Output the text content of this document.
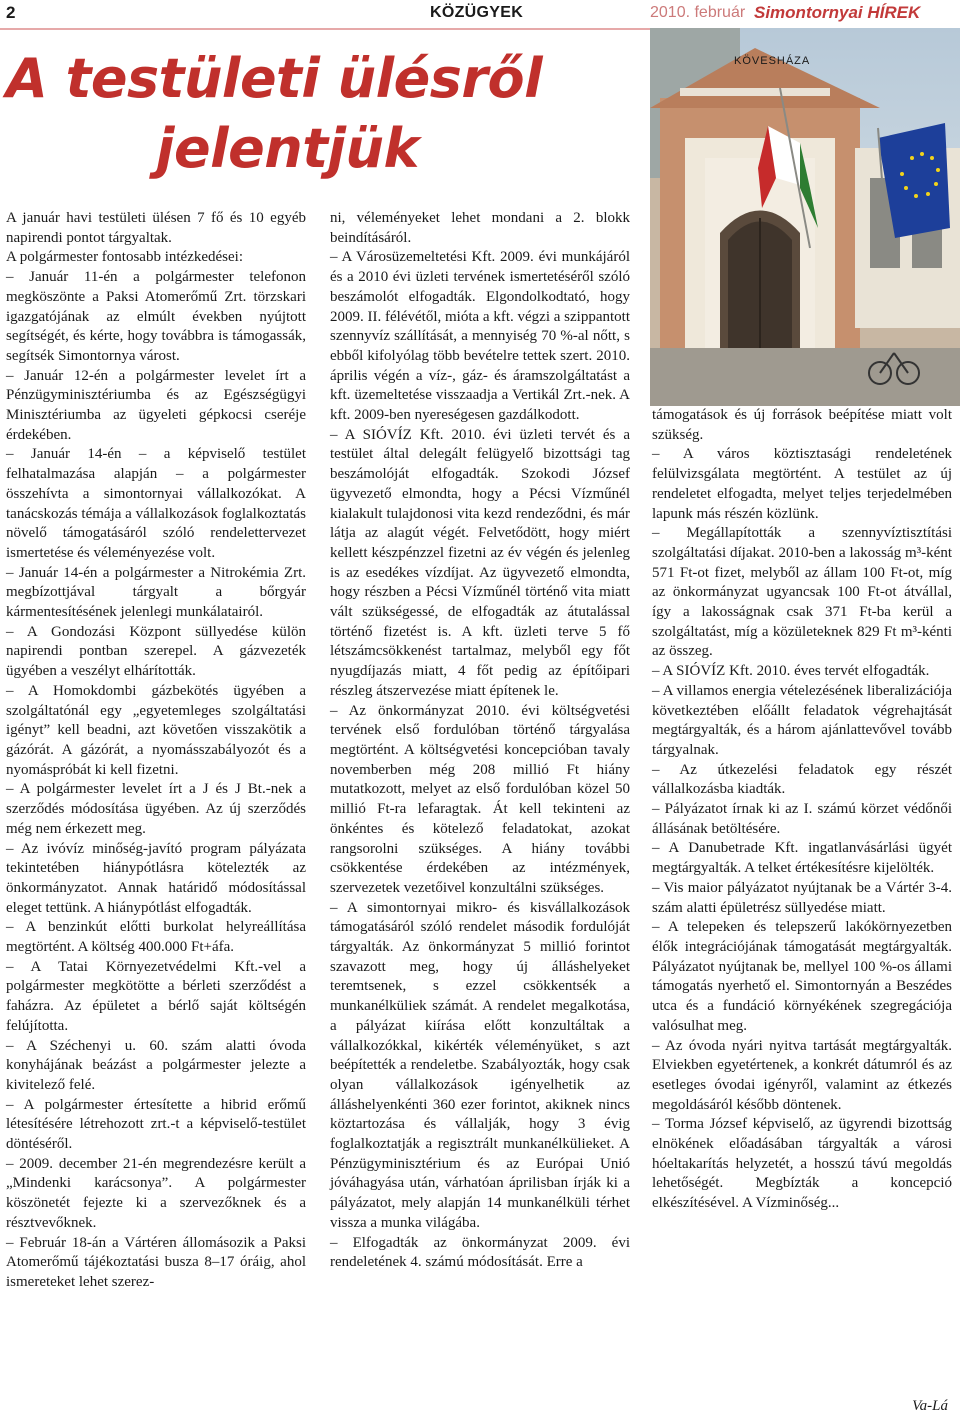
2	KÖZÜGYEK	2010. február Simontornyai HÍREK
A testületi ülésről
jelentjük
KÖVESHÁZA

A január havi testületi ülésen 7 fő és 10 egyéb napirendi pontot tárgyaltak.

A polgármester fontosabb intézkedései:

– Január 11-én a polgármester telefonon megköszönte a Paksi Atomerőmű Zrt. törzskari igazgatójának az elmúlt években nyújtott segítségét, és kérte, hogy továbbra is támogassák, segítsék Simontornya várost.

– Január 12-én a polgármester levelet írt a Pénzügyminisztériumba és az Egészségügyi Minisztériumba az ügyeleti gépkocsi cseréje érdekében.

– Január 14-én – a képviselő testület felhatalmazása alapján – a polgármester összehívta a simontornyai vállalkozókat. A tanácskozás témája a vállalkozások foglalkoztatás növelő támogatásáról szóló rendelettervezet ismertetése és véleményezése volt.

– Január 14-én a polgármester a Nitrokémia Zrt. megbízottjával tárgyalt a bőrgyár kármentesítésének jelenlegi munkálatairól.

– A Gondozási Központ süllyedése külön napirendi pontban szerepel. A gázvezeték ügyében a veszélyt elhárították.

– A Homokdombi gázbekötés ügyében a szolgáltatónál egy „egyetemleges szolgáltatási igényt” kell beadni, azt követően visszakötik a gázórát. A gázórát, a nyomásszabályozót és a nyomáspróbát ki kell fizetni.

– A polgármester levelet írt a J és J Bt.-nek a szerződés módosítása ügyében. Az új szerződés még nem érkezett meg.

– Az ivóvíz minőség-javító program pályázata tekintetében hiánypótlásra kötelezték az önkormányzatot. Annak határidő módosítással eleget tettünk. A hiánypótlást elfogadták.

– A benzinkút előtti burkolat helyreállítása megtörtént. A költség 400.000 Ft+áfa.

– A Tatai Környezetvédelmi Kft.-vel a polgármester megkötötte a bérleti szerződést a faházra. Az épületet a bérlő saját költségén felújította.

– A Széchenyi u. 60. szám alatti óvoda konyhájának beázást a polgármester jelezte a kivitelező felé.

– A polgármester értesítette a hibrid erőmű létesítésére létrehozott zrt.-t a képviselő-testület döntéséről.

– 2009. december 21-én megrendezésre került a „Mindenki karácsonya”. A polgármester köszönetét fejezte ki a szervezőknek és a résztvevőknek.

– Február 18-án a Vártéren állomásozik a Paksi Atomerőmű tájékoztatási busza 8–17 óráig, ahol ismereteket lehet szerez-

ni, véleményeket lehet mondani a 2. blokk beindításáról.

– A Városüzemeltetési Kft. 2009. évi munkájáról és a 2010 évi üzleti tervének ismertetéséről szóló beszámolót elfogadták. Elgondolkodtató, hogy 2009. II. félévétől, mióta a kft. végzi a szippantott szennyvíz szállítását, a mennyiség 70 %-al nőtt, s ebből kifolyólag több bevételre tettek szert. 2010. április végén a víz-, gáz- és áramszolgáltatást a kft. üzemeltetése visszaadja a Vertikál Zrt.-nek. A kft. 2009-ben nyereségesen gazdálkodott.

– A SIÓVÍZ Kft. 2010. évi üzleti tervét és a testület által delegált felügyelő bizottsági tag beszámolóját elfogadták. Szokodi József ügyvezető elmondta, hogy a Pécsi Vízműnél kialakult tulajdonosi vita kezd rendeződni, és már látja az alagút végét. Felvetődött, hogy miért kellett készpénzzel fizetni az év végén és jelenleg is az esedékes vízdíjat. Az ügyvezető elmondta, hogy részben a Pécsi Vízműnél történő vita miatt vált szükségessé, de elfogadták az átutalással történő fizetést is. A kft. üzleti terve 5 fő létszámcsökkenést tartalmaz, melyből egy főt nyugdíjazás miatt, 4 főt pedig az építőipari részleg átszervezése miatt építenek le.

– Az önkormányzat 2010. évi költségvetési tervének első fordulóban történő tárgyalása megtörtént. A költségvetési koncepcióban tavaly novemberben még 208 millió Ft hiány mutatkozott, melyet az első fordulóban közel 50 millió Ft-ra lefaragtak. Át kell tekinteni az önkéntes és kötelező feladatokat, azokat rangsorolni szükséges. A hiány további csökkentése érdekében az intézmények, szervezetek vezetőivel konzultálni szükséges.

– A simontornyai mikro- és kisvállalkozások támogatásáról szóló rendelet második fordulóját tárgyalták. Az önkormányzat 5 millió forintot szavazott meg, hogy új álláshelyeket teremtsenek, s ezzel csökkentsék a munkanélküliek számát. A rendelet megalkotása, a pályázat kiírása előtt konzultáltak a vállalkozókkal, kikérték véleményüket, s azt beépítették a rendeletbe. Szabályozták, hogy csak olyan vállalkozások igényelhetik az álláshelyenkénti 360 ezer forintot, akiknek nincs köztartozása és vállalják, hogy 3 évig foglalkoztatják a regisztrált munkanélkülieket. A Pénzügyminisztérium és az Európai Unió jóváhagyása után, várhatóan áprilisban írják ki a pályázatot, mely alapján 14 munkanélküli térhet vissza a munka világába.

– Elfogadták az önkormányzat 2009. évi rendeletének 4. számú módosítását. Erre a

támogatások és új források beépítése miatt volt szükség.

– A város köztisztasági rendeletének felülvizsgálata megtörtént. A testület az új rendeletet elfogadta, melyet teljes terjedelmében lapunk más részén közlünk.

– Megállapították a szennyvíztisztítási szolgáltatási díjakat. 2010-ben a lakosság m³-ként 571 Ft-ot fizet, melyből az állam 100 Ft-ot, míg az önkormányzat ugyancsak 100 Ft-ot átvállal, így a lakosságnak csak 371 Ft-ba kerül a szolgáltatást, míg a közületeknek 829 Ft m³-kénti az összeg.

– A SIÓVÍZ Kft. 2010. éves tervét elfogadták.

– A villamos energia vételezésének liberalizációja következtében előállt feladatok végrehajtását megtárgyalták, és a három ajánlattevővel tovább tárgyalnak.

– Az útkezelési feladatok egy részét vállalkozásba kiadták.

– Pályázatot írnak ki az I. számú körzet védőnői állásának betöltésére.

– A Danubetrade Kft. ingatlanvásárlási ügyét megtárgyalták. A telket értékesítésre kijelölték.

– Vis maior pályázatot nyújtanak be a Vártér 3-4. szám alatti épületrész süllyedése miatt.

– A telepeken és telepszerű lakókörnyezetben élők integrációjának támogatását megtárgyalták. Pályázatot nyújtanak be, mellyel 100 %-os állami támogatás nyerhető el. Simontornyán a Beszédes utca és a fundáció környékének szegregációja valósulhat meg.

– Az óvoda nyári nyitva tartását megtárgyalták. Elviekben egyetértenek, a konkrét dátumról és az esetleges óvodai igényről, valamint az étkezés megoldásáról később döntenek.

– Torma József képviselő, az ügyrendi bizottság elnökének előadásában tárgyalták a városi hóeltakarítás helyzetét, a hosszú távú megoldás lehetőségét. Megbízták a koncepció elkészítésével. A Vízminőség...

Va-Lá
